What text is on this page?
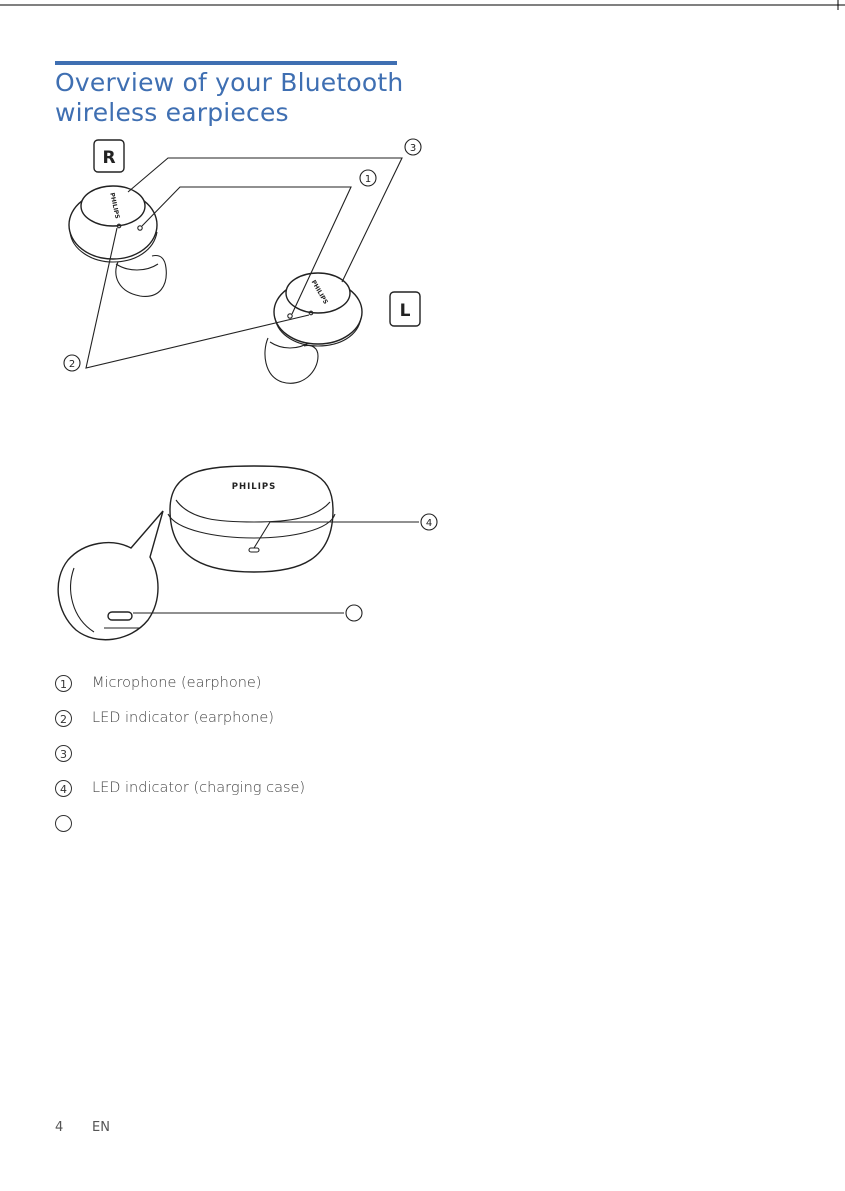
Overview of your Bluetooth
wireless earpieces
R
L
PHILIPS
PHILIPS
3
1
2
PHILIPS
4
1	Microphone (earphone)
2	LED indicator (earphone)
3
4	LED indicator (charging case)
4 EN
